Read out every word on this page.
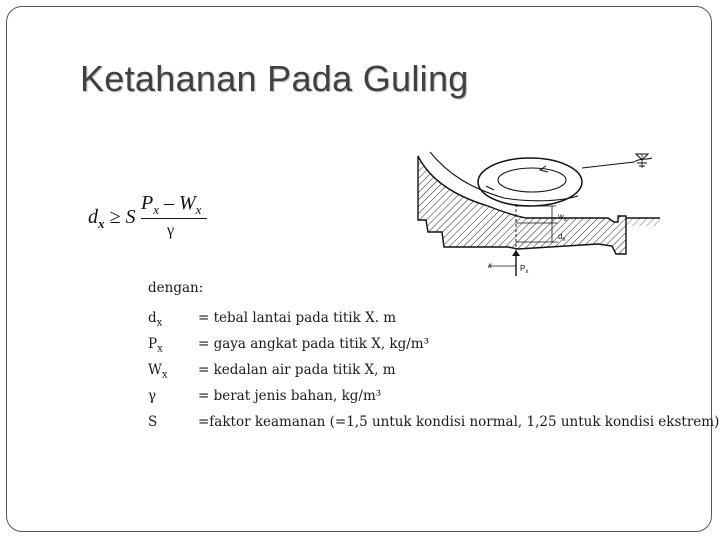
Ketahanan Pada Guling
$d_x \ge S$
$P_x - W_x$
γ
$w_x$
$d_x$
x	$P_x$
dengan:
$d_x$	= tebal lantai pada titik X. m
$P_x$	= gaya angkat pada titik X, kg/m³
$W_x$	= kedalan air pada titik X, m
γ	= berat jenis bahan, kg/m³
S	=faktor keamanan (=1,5 untuk kondisi normal, 1,25 untuk kondisi ekstrem)
